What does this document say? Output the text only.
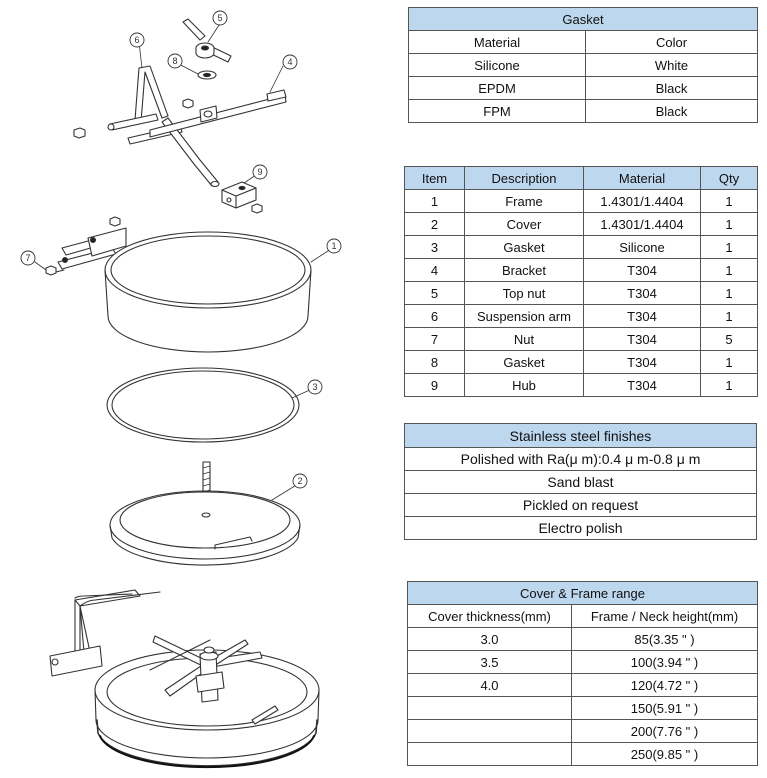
1
2
3
4
5
6
7
8
9
Gasket	
Material	Color
Silicone	White
EPDM	Black
FPM	Black
Item	Description	Material	Qty
1	Frame	1.4301/1.4404	1
2	Cover	1.4301/1.4404	1
3	Gasket	Silicone	1
4	Bracket	T304	1
5	Top nut	T304	1
6	Suspension arm	T304	1
7	Nut	T304	5
8	Gasket	T304	1
9	Hub	T304	1
Stainless steel finishes
Polished with Ra(μ m):0.4 μ m-0.8 μ m
Sand blast
Pickled on request
Electro polish
Cover & Frame range	
Cover thickness(mm)	Frame / Neck height(mm)
3.0	85(3.35 " )
3.5	100(3.94 " )
4.0	120(4.72 " )
	150(5.91 " )
	200(7.76 " )
	250(9.85 " )
